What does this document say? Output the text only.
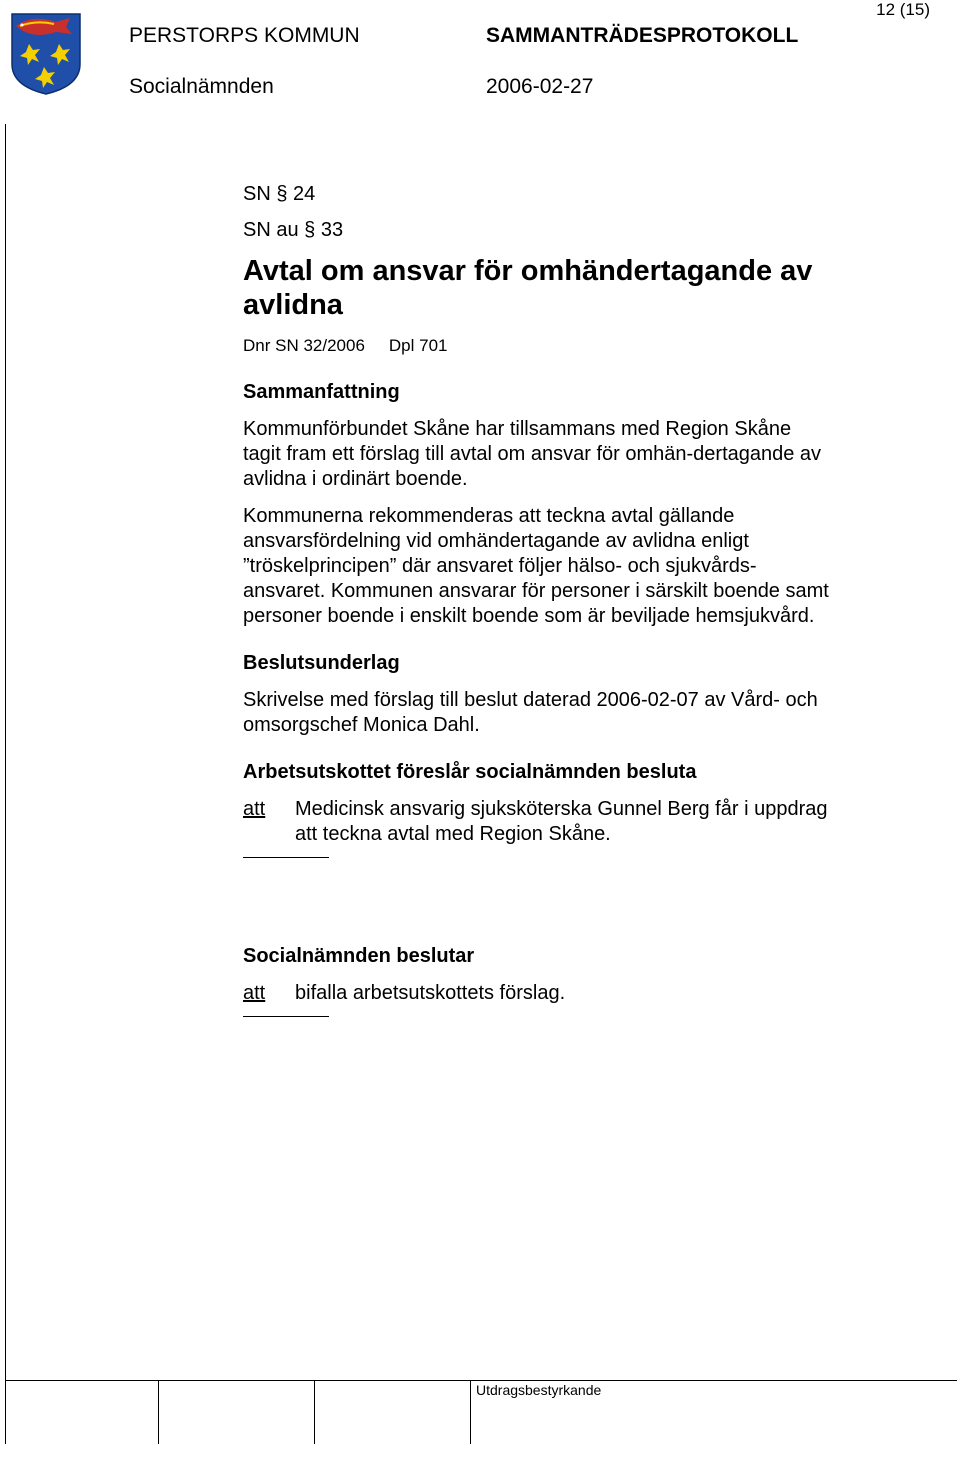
12 (15)
PERSTORPS KOMMUN	SAMMANTRÄDESPROTOKOLL
Socialnämnden	2006-02-27
SN § 24
SN au § 33
Avtal om ansvar för omhändertagande av avlidna
Dnr SN 32/2006 Dpl 701
Sammanfattning
Kommunförbundet Skåne har tillsammans med Region Skåne tagit fram ett förslag till avtal om ansvar för omhän-dertagande av avlidna i ordinärt boende.
Kommunerna rekommenderas att teckna avtal gällande ansvarsfördelning vid omhändertagande av avlidna enligt ”tröskelprincipen” där ansvaret följer hälso- och sjukvårds-ansvaret. Kommunen ansvarar för personer i särskilt boende samt personer boende i enskilt boende som är beviljade hemsjukvård.
Beslutsunderlag
Skrivelse med förslag till beslut daterad 2006-02-07 av Vård- och omsorgschef Monica Dahl.
Arbetsutskottet föreslår socialnämnden besluta
att	Medicinsk ansvarig sjuksköterska Gunnel Berg får i uppdrag att teckna avtal med Region Skåne.
Socialnämnden beslutar
att	bifalla arbetsutskottets förslag.
Utdragsbestyrkande
